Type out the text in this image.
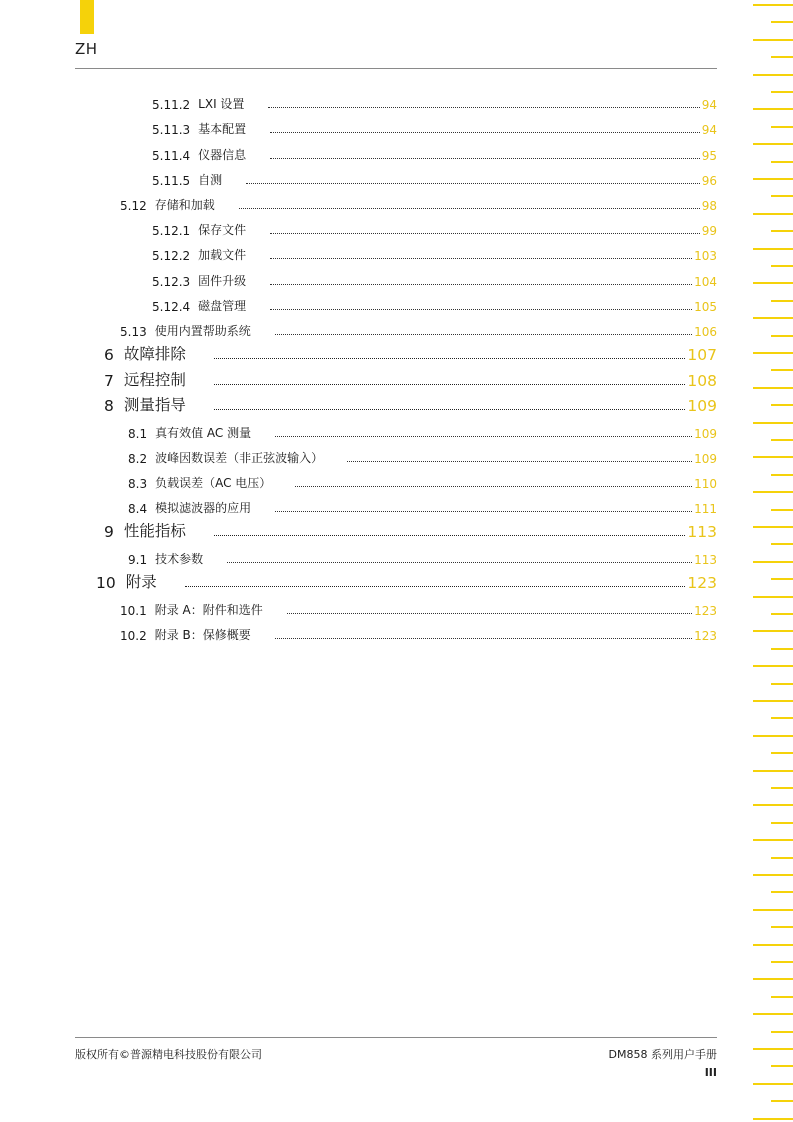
ZH
5.11.2 LXI 设置	94
5.11.3 基本配置	94
5.11.4 仪器信息	95
5.11.5 自测	96
5.12 存储和加载	98
5.12.1 保存文件	99
5.12.2 加载文件	103
5.12.3 固件升级	104
5.12.4 磁盘管理	105
5.13 使用内置帮助系统	106
6 故障排除	107
7 远程控制	108
8 测量指导	109
8.1 真有效值 AC 测量	109
8.2 波峰因数误差（非正弦波输入）	109
8.3 负载误差（AC 电压）	110
8.4 模拟滤波器的应用	111
9 性能指标	113
9.1 技术参数	113
10 附录	123
10.1 附录 A：附件和选件	123
10.2 附录 B：保修概要	123
版权所有©普源精电科技股份有限公司	DM858 系列用户手册
III
